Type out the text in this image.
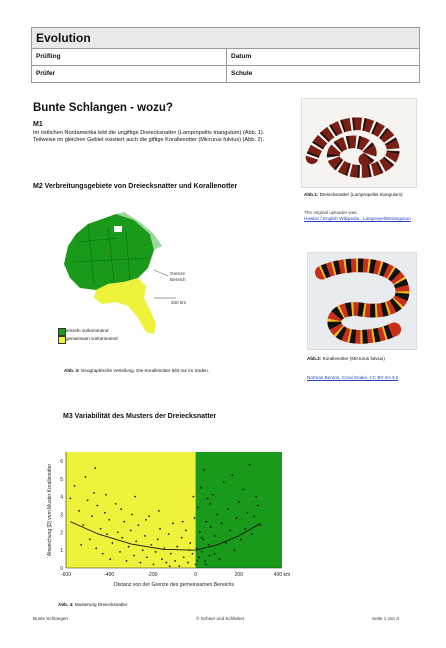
Evolution
Prüfling	Datum
Prüfer	Schule
Bunte Schlangen - wozu?
M1
Im östlichen Nordamerika lebt die ungiftige Dreiecksnatter (Lampropeltis triangulum) (Abb. 1). Teilweise im gleichen Gebiet existiert auch die giftige Korallenotter (Micrurus fulvius) (Abb. 2).
M2 Verbreitungsgebiete von Dreiecksnatter und Korallenotter
Grenze Bereich
200 km
einzeln vorkommend
gemeinsam vorkommend
Abb. 3: Geographische Verteilung. Die Korallenotter lebt nur im Süden.
M3 Variabilität des Musters der Dreiecksnatter
-600	-400	-200	0	200	400 km
0
1
2
3
4
5
6
Distanz von der Grenze des gemeinsamen Bereichs
Abweichung [D] vom Muster Korallenotter
Abb. 4: Musterung Dreiecksnatter
Abb.1: Dreiecksnatter (Lampropeltis triangulum)
The original uploader was
Hawkin / English Wikipedia , Lampropeltistriangulum
Abb.2: Korallenotter (Micrurus fulvius)
Norman Benton, Coral Snake, CC BY-SA 3.0
Bunte Schlangen	© Scheer und Schlieker	Seite 1 von 3
